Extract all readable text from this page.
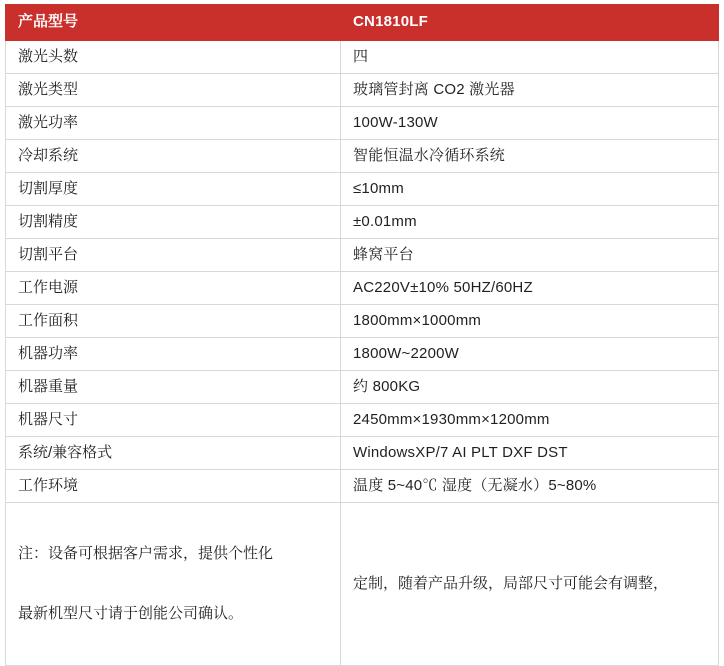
产品型号	CN1810LF
激光头数	四
激光类型	玻璃管封离 CO2 激光器
激光功率	100W-130W
冷却系统	智能恒温水冷循环系统
切割厚度	≤10mm
切割精度	±0.01mm
切割平台	蜂窝平台
工作电源	AC220V±10% 50HZ/60HZ
工作面积	1800mm×1000mm
机器功率	1800W~2200W
机器重量	约 800KG
机器尺寸	2450mm×1930mm×1200mm
系统/兼容格式	WindowsXP/7 AI PLT DXF DST
工作环境	温度 5~40℃ 湿度（无凝水）5~80%

注：设备可根据客户需求，提供个性化

最新机型尺寸请于创能公司确认。	定制，随着产品升级，局部尺寸可能会有调整，
